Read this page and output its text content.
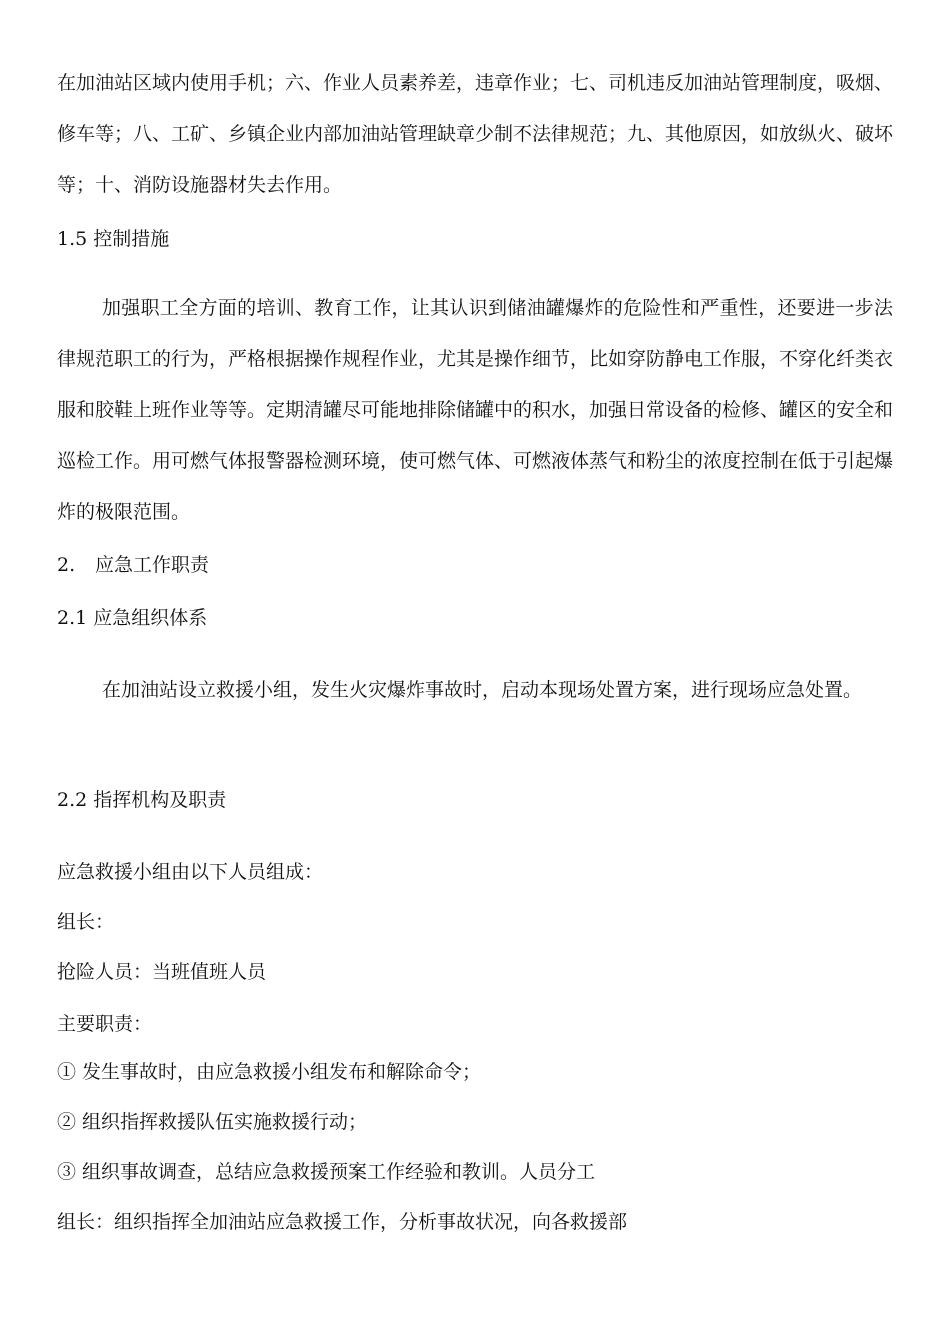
在加油站区域内使用手机；六、作业人员素养差，违章作业；七、司机违反加油站管理制度，吸烟、修车等；八、工矿、乡镇企业内部加油站管理缺章少制不法律规范；九、其他原因，如放纵火、破坏等；十、消防设施器材失去作用。

1.5 控制措施

加强职工全方面的培训、教育工作，让其认识到储油罐爆炸的危险性和严重性，还要进一步法律规范职工的行为，严格根据操作规程作业，尤其是操作细节，比如穿防静电工作服，不穿化纤类衣服和胶鞋上班作业等等。定期清罐尽可能地排除储罐中的积水，加强日常设备的检修、罐区的安全和巡检工作。用可燃气体报警器检测环境，使可燃气体、可燃液体蒸气和粉尘的浓度控制在低于引起爆炸的极限范围。

2. 应急工作职责

2.1 应急组织体系

在加油站设立救援小组，发生火灾爆炸事故时，启动本现场处置方案，进行现场应急处置。

2.2 指挥机构及职责

应急救援小组由以下人员组成：

组长：

抢险人员：当班值班人员

主要职责：

① 发生事故时，由应急救援小组发布和解除命令；

② 组织指挥救援队伍实施救援行动；

③ 组织事故调查，总结应急救援预案工作经验和教训。人员分工

组长：组织指挥全加油站应急救援工作，分析事故状况，向各救援部
